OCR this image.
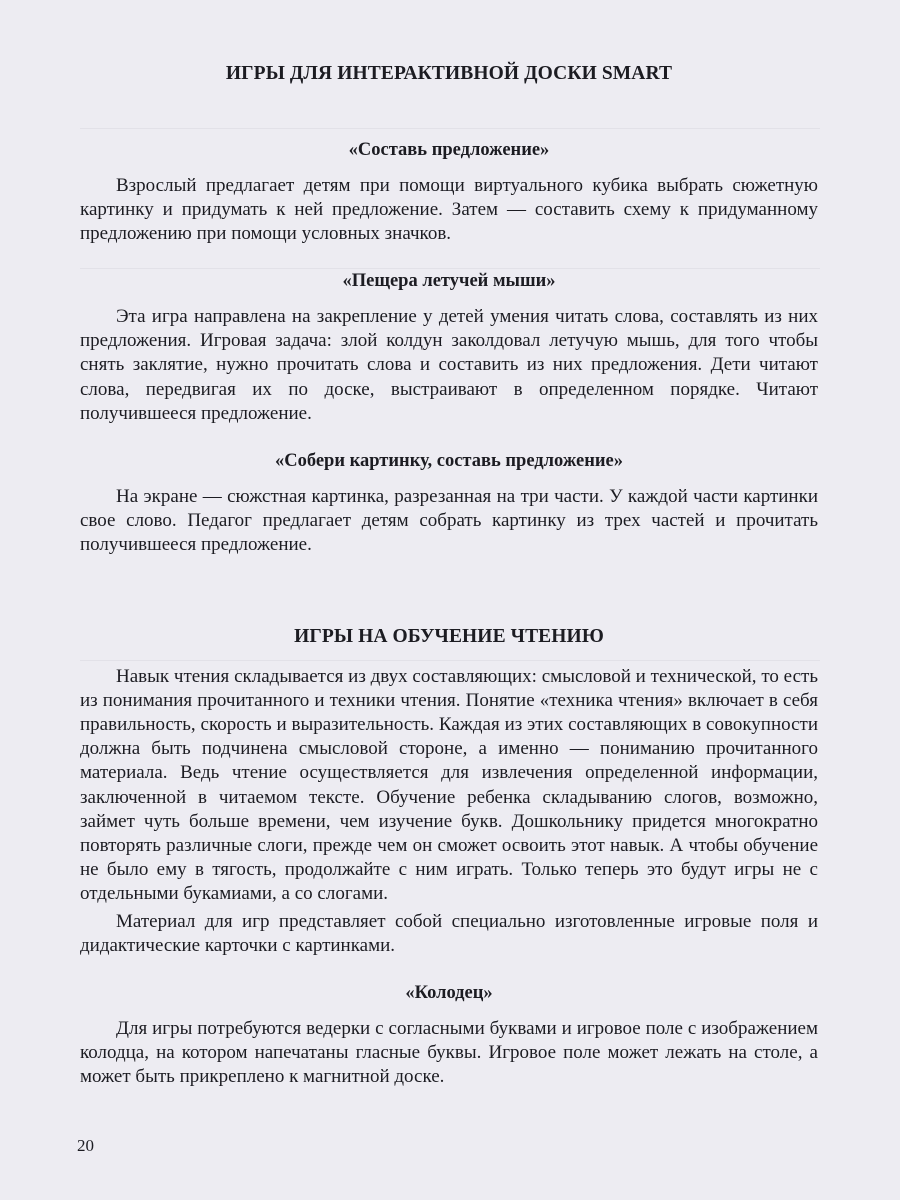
ИГРЫ ДЛЯ ИНТЕРАКТИВНОЙ ДОСКИ SMART
«Составь предложение»

Взрослый предлагает детям при помощи виртуального кубика выбрать сюжетную картинку и придумать к ней предложение. Затем — составить схему к придуманному предложению при помощи условных значков.

«Пещера летучей мыши»

Эта игра направлена на закрепление у детей умения читать слова, составлять из них предложения. Игровая задача: злой колдун заколдовал летучую мышь, для того чтобы снять заклятие, нужно прочитать слова и составить из них предложения. Дети читают слова, передвигая их по доске, выстраивают в определенном порядке. Читают получившееся предложение.

«Собери картинку, составь предложение»

На экране — сюжстная картинка, разрезанная на три части. У каждой части картинки свое слово. Педагог предлагает детям собрать картинку из трех частей и прочитать получившееся предложение.

ИГРЫ НА ОБУЧЕНИЕ ЧТЕНИЮ

Навык чтения складывается из двух составляющих: смысловой и технической, то есть из понимания прочитанного и техники чтения. Понятие «техника чтения» включает в себя правильность, скорость и выразительность. Каждая из этих составляющих в совокупности должна быть подчинена смысловой стороне, а именно — пониманию прочитанного материала. Ведь чтение осуществляется для извлечения определенной информации, заключенной в читаемом тексте. Обучение ребенка складыванию слогов, возможно, займет чуть больше времени, чем изучение букв. Дошкольнику придется многократно повторять различные слоги, прежде чем он сможет освоить этот навык. А чтобы обучение не было ему в тягость, продолжайте с ним играть. Только теперь это будут игры не с отдельными букамиами, а со слогами.

Материал для игр представляет собой специально изготовленные игровые поля и дидактические карточки с картинками.

«Колодец»

Для игры потребуются ведерки с согласными буквами и игровое поле с изображением колодца, на котором напечатаны гласные буквы. Игровое поле может лежать на столе, а может быть прикреплено к магнитной доске.

20
